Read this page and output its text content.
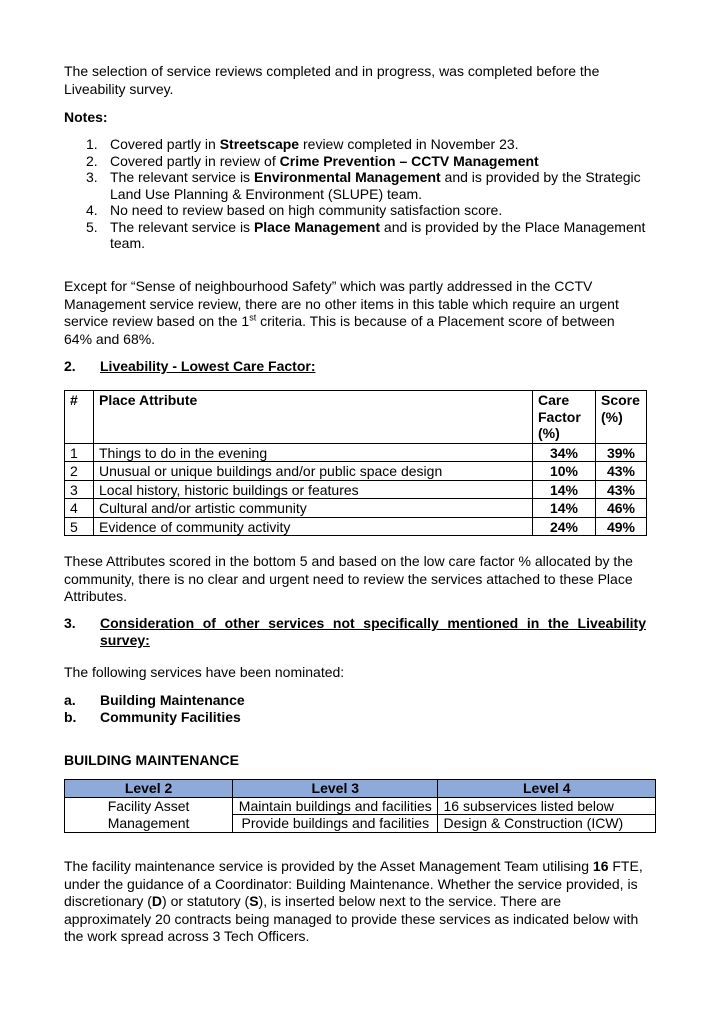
The selection of service reviews completed and in progress, was completed before the Liveability survey.

Notes:

1. Covered partly in Streetscape review completed in November 23.
2. Covered partly in review of Crime Prevention – CCTV Management
3. The relevant service is Environmental Management and is provided by the Strategic Land Use Planning & Environment (SLUPE) team.
4. No need to review based on high community satisfaction score.
5. The relevant service is Place Management and is provided by the Place Management team.

Except for “Sense of neighbourhood Safety” which was partly addressed in the CCTV Management service review, there are no other items in this table which require an urgent service review based on the 1st criteria. This is because of a Placement score of between 64% and 68%.

2. Liveability - Lowest Care Factor:
#	Place Attribute	Care Factor (%)	Score (%)
1	Things to do in the evening	34%	39%
2	Unusual or unique buildings and/or public space design	10%	43%
3	Local history, historic buildings or features	14%	43%
4	Cultural and/or artistic community	14%	46%
5	Evidence of community activity	24%	49%

These Attributes scored in the bottom 5 and based on the low care factor % allocated by the community, there is no clear and urgent need to review the services attached to these Place Attributes.

3. Consideration of other services not specifically mentioned in the Liveability
survey:

The following services have been nominated:

a. Building Maintenance
b. Community Facilities

BUILDING MAINTENANCE

Level 2	Level 3	Level 4
Facility Asset Management	Maintain buildings and facilities	16 subservices listed below
	Provide buildings and facilities	Design & Construction (ICW)

The facility maintenance service is provided by the Asset Management Team utilising 16 FTE, under the guidance of a Coordinator: Building Maintenance. Whether the service provided, is discretionary (D) or statutory (S), is inserted below next to the service. There are approximately 20 contracts being managed to provide these services as indicated below with the work spread across 3 Tech Officers.
